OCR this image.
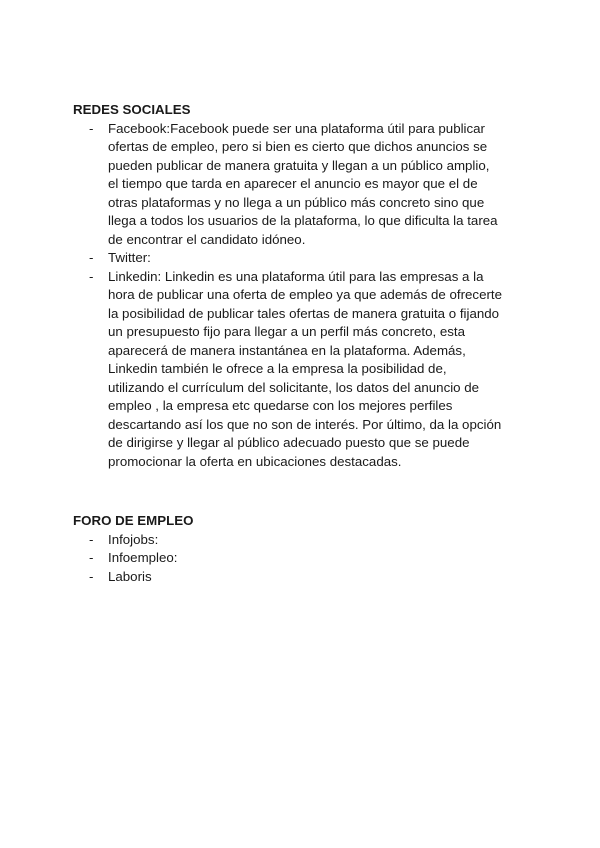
REDES SOCIALES
- Facebook:Facebook puede ser una plataforma útil para publicar
ofertas de empleo, pero si bien es cierto que dichos anuncios se
pueden publicar de manera gratuita y llegan a un público amplio,
el tiempo que tarda en aparecer el anuncio es mayor que el de
otras plataformas y no llega a un público más concreto sino que
llega a todos los usuarios de la plataforma, lo que dificulta la tarea
de encontrar el candidato idóneo.
- Twitter:
- Linkedin: Linkedin es una plataforma útil para las empresas a la
hora de publicar una oferta de empleo ya que además de ofrecerte
la posibilidad de publicar tales ofertas de manera gratuita o fijando
un presupuesto fijo para llegar a un perfil más concreto, esta
aparecerá de manera instantánea en la plataforma. Además,
Linkedin también le ofrece a la empresa la posibilidad de,
utilizando el currículum del solicitante, los datos del anuncio de
empleo , la empresa etc quedarse con los mejores perfiles
descartando así los que no son de interés. Por último, da la opción
de dirigirse y llegar al público adecuado puesto que se puede
promocionar la oferta en ubicaciones destacadas.
FORO DE EMPLEO
- Infojobs:
- Infoempleo:
- Laboris
